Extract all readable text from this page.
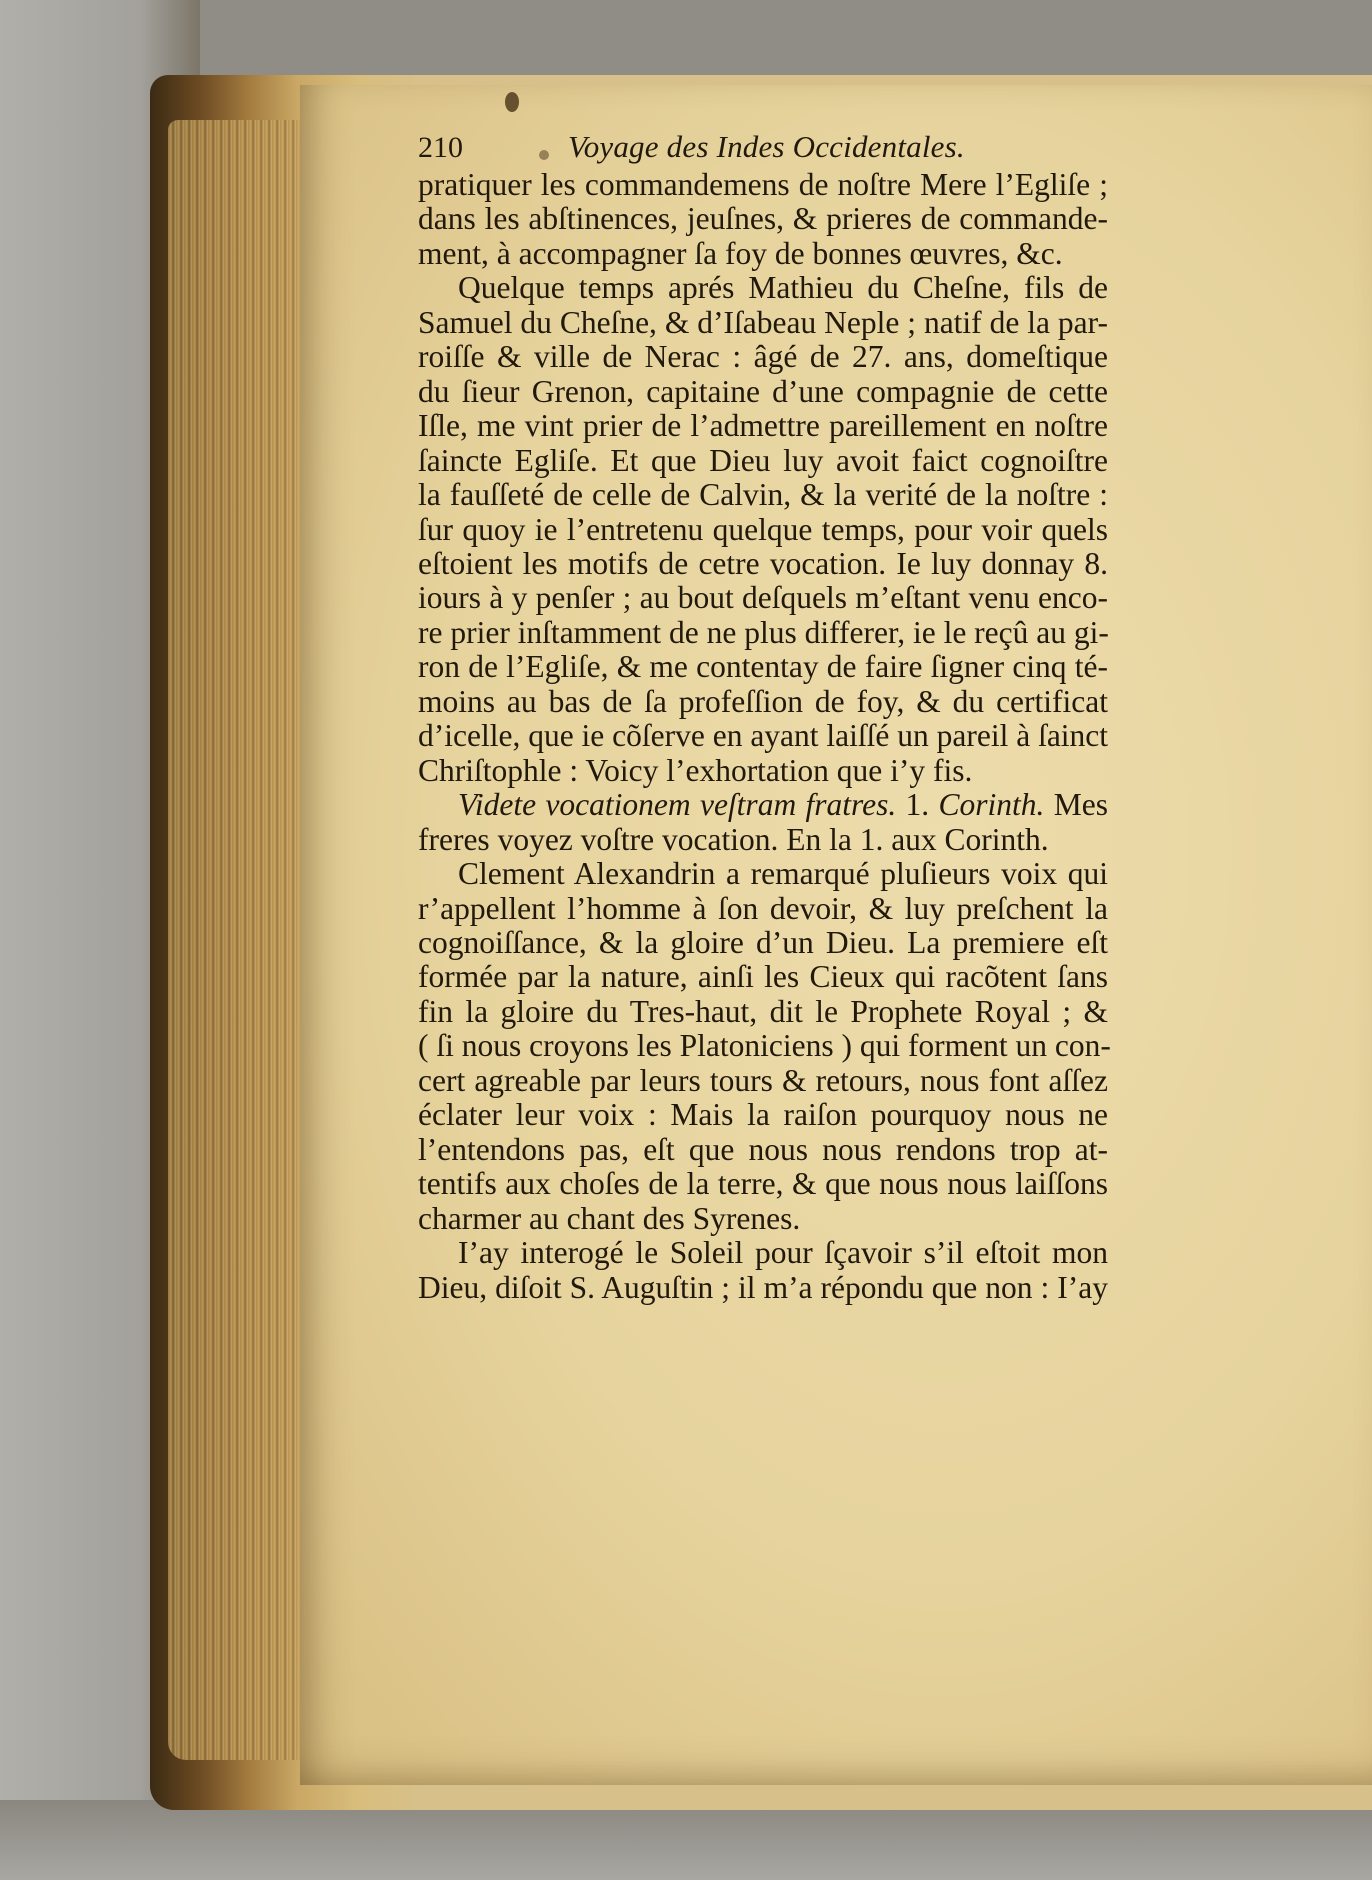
210	Voyage des Indes Occidentales.
pratiquer les commandemens de noſtre Mere l’Egliſe ;
dans les abſtinences, jeuſnes, & prieres de commande-
ment, à accompagner ſa foy de bonnes œuvres, &c.
Quelque temps aprés Mathieu du Cheſne, fils de
Samuel du Cheſne, & d’Iſabeau Neple ; natif de la par-
roiſſe & ville de Nerac : âgé de 27. ans, domeſtique
du ſieur Grenon, capitaine d’une compagnie de cette
Iſle, me vint prier de l’admettre pareillement en noſtre
ſaincte Egliſe. Et que Dieu luy avoit faict cognoiſtre
la fauſſeté de celle de Calvin, & la verité de la noſtre :
ſur quoy ie l’entretenu quelque temps, pour voir quels
eſtoient les motifs de cetre vocation. Ie luy donnay 8.
iours à y penſer ; au bout deſquels m’eſtant venu enco-
re prier inſtamment de ne plus differer, ie le reçû au gi-
ron de l’Egliſe, & me contentay de faire ſigner cinq té-
moins au bas de ſa profeſſion de foy, & du certificat
d’icelle, que ie cõſerve en ayant laiſſé un pareil à ſainct
Chriſtophle : Voicy l’exhortation que i’y fis.
Videte vocationem veſtram fratres. 1. Corinth. Mes
freres voyez voſtre vocation. En la 1. aux Corinth.
Clement Alexandrin a remarqué pluſieurs voix qui
r’appellent l’homme à ſon devoir, & luy preſchent la
cognoiſſance, & la gloire d’un Dieu. La premiere eſt
formée par la nature, ainſi les Cieux qui racõtent ſans
fin la gloire du Tres-haut, dit le Prophete Royal ; &
( ſi nous croyons les Platoniciens ) qui forment un con-
cert agreable par leurs tours & retours, nous font aſſez
éclater leur voix : Mais la raiſon pourquoy nous ne
l’entendons pas, eſt que nous nous rendons trop at-
tentifs aux choſes de la terre, & que nous nous laiſſons
charmer au chant des Syrenes.
I’ay interogé le Soleil pour ſçavoir s’il eſtoit mon
Dieu, diſoit S. Auguſtin ; il m’a répondu que non : I’ay
